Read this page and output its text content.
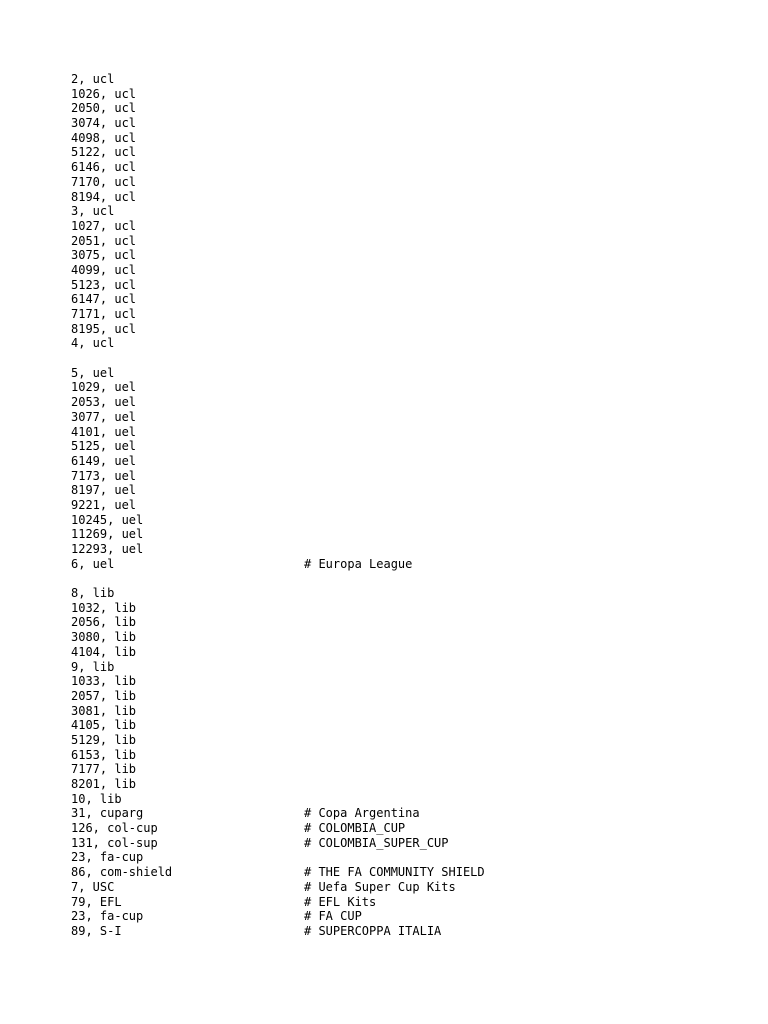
2, ucl
1026, ucl
2050, ucl
3074, ucl
4098, ucl
5122, ucl
6146, ucl
7170, ucl
8194, ucl
3, ucl
1027, ucl
2051, ucl
3075, ucl
4099, ucl
5123, ucl
6147, ucl
7171, ucl
8195, ucl
4, ucl
5, uel
1029, uel
2053, uel
3077, uel
4101, uel
5125, uel
6149, uel
7173, uel
8197, uel
9221, uel
10245, uel
11269, uel
12293, uel
6, uel	# Europa League
8, lib
1032, lib
2056, lib
3080, lib
4104, lib
9, lib
1033, lib
2057, lib
3081, lib
4105, lib
5129, lib
6153, lib
7177, lib
8201, lib
10, lib
31, cuparg	# Copa Argentina
126, col-cup	# COLOMBIA_CUP
131, col-sup	# COLOMBIA_SUPER_CUP
23, fa-cup
86, com-shield	# THE FA COMMUNITY SHIELD
7, USC	# Uefa Super Cup Kits
79, EFL	# EFL Kits
23, fa-cup	# FA CUP
89, S-I	# SUPERCOPPA ITALIA
